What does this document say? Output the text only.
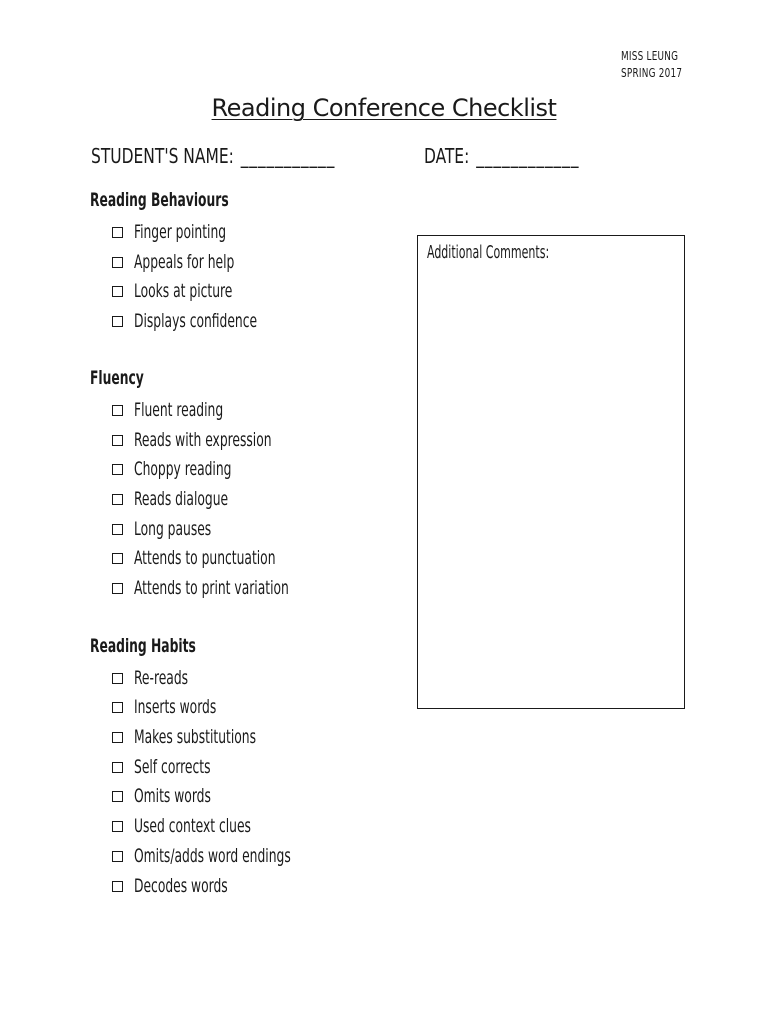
MISS LEUNG
SPRING 2017
Reading Conference Checklist
STUDENT'S NAME: ___________	DATE: ____________
Reading Behaviours
Finger pointing
Appeals for help
Looks at picture
Displays confidence
Fluency
Fluent reading
Reads with expression
Choppy reading
Reads dialogue
Long pauses
Attends to punctuation
Attends to print variation
Reading Habits
Re-reads
Inserts words
Makes substitutions
Self corrects
Omits words
Used context clues
Omits/adds word endings
Decodes words
Additional Comments:
